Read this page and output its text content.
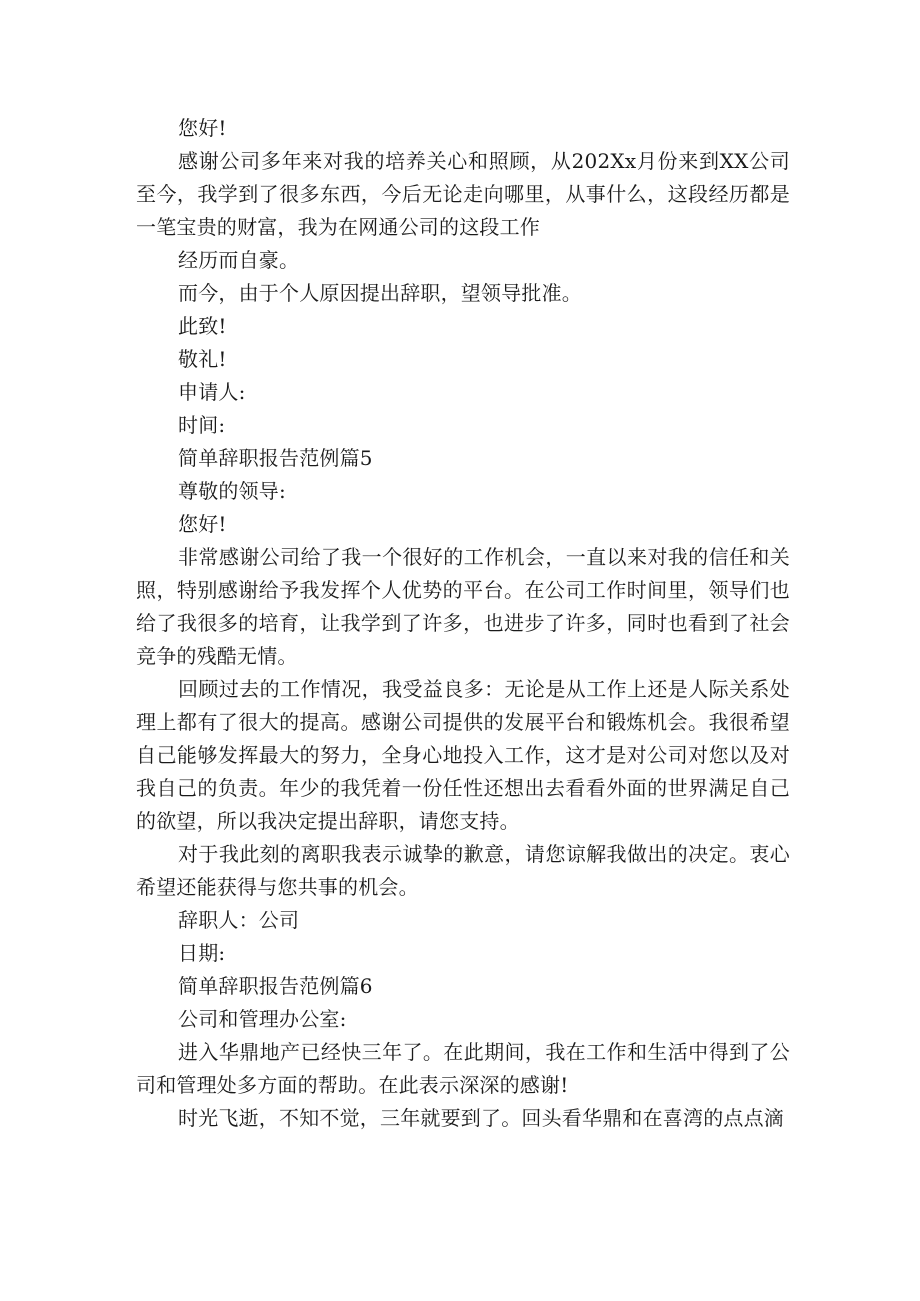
您好!

感谢公司多年来对我的培养关心和照顾，从202Xx月份来到XX公司至今，我学到了很多东西，今后无论走向哪里，从事什么，这段经历都是一笔宝贵的财富，我为在网通公司的这段工作

经历而自豪。
而今，由于个人原因提出辞职，望领导批准。
此致!
敬礼!
申请人:
时间:
简单辞职报告范例篇5
尊敬的领导:
您好!

非常感谢公司给了我一个很好的工作机会，一直以来对我的信任和关照，特别感谢给予我发挥个人优势的平台。在公司工作时间里，领导们也给了我很多的培育，让我学到了许多，也进步了许多，同时也看到了社会竞争的残酷无情。

回顾过去的工作情况，我受益良多：无论是从工作上还是人际关系处理上都有了很大的提高。感谢公司提供的发展平台和锻炼机会。我很希望自己能够发挥最大的努力，全身心地投入工作，这才是对公司对您以及对我自己的负责。年少的我凭着一份任性还想出去看看外面的世界满足自己的欲望，所以我决定提出辞职，请您支持。

对于我此刻的离职我表示诚挚的歉意，请您谅解我做出的决定。衷心希望还能获得与您共事的机会。

辞职人：公司
日期:
简单辞职报告范例篇6
公司和管理办公室:

进入华鼎地产已经快三年了。在此期间，我在工作和生活中得到了公司和管理处多方面的帮助。在此表示深深的感谢!

时光飞逝，不知不觉，三年就要到了。回头看华鼎和在喜湾的点点滴
